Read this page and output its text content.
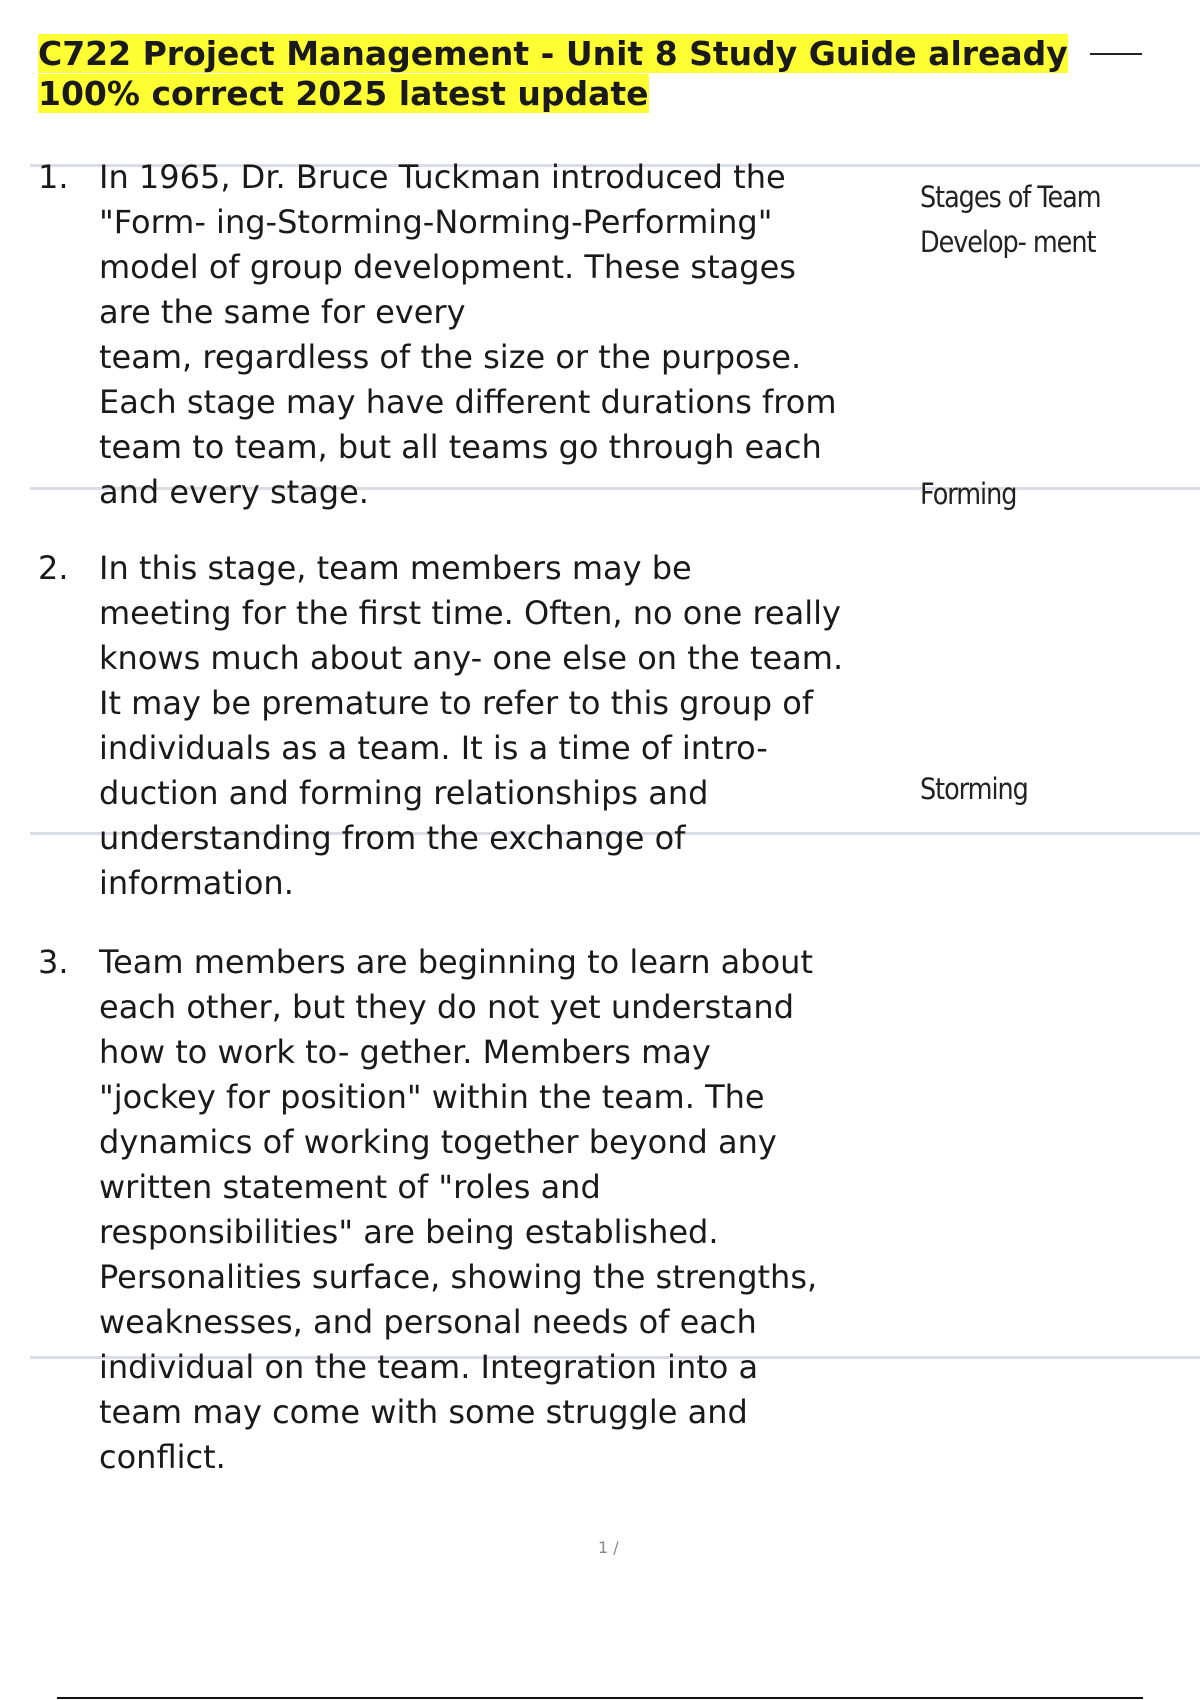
C722 Project Management - Unit 8 Study Guide already
100% correct 2025 latest update
1. In 1965, Dr. Bruce Tuckman introduced the
"Form- ing-Storming-Norming-Performing"
model of group development. These stages
are the same for every
team, regardless of the size or the purpose.
Each stage may have different durations from
team to team, but all teams go through each
and every stage.
Stages of Team
Develop- ment
Forming
2. In this stage, team members may be
meeting for the first time. Often, no one really
knows much about any- one else on the team.
It may be premature to refer to this group of
individuals as a team. It is a time of intro-
duction and forming relationships and
understanding from the exchange of
information.
Storming
3. Team members are beginning to learn about
each other, but they do not yet understand
how to work to- gether. Members may
"jockey for position" within the team. The
dynamics of working together beyond any
written statement of "roles and
responsibilities" are being established.
Personalities surface, showing the strengths,
weaknesses, and personal needs of each
individual on the team. Integration into a
team may come with some struggle and
conflict.
1 /
